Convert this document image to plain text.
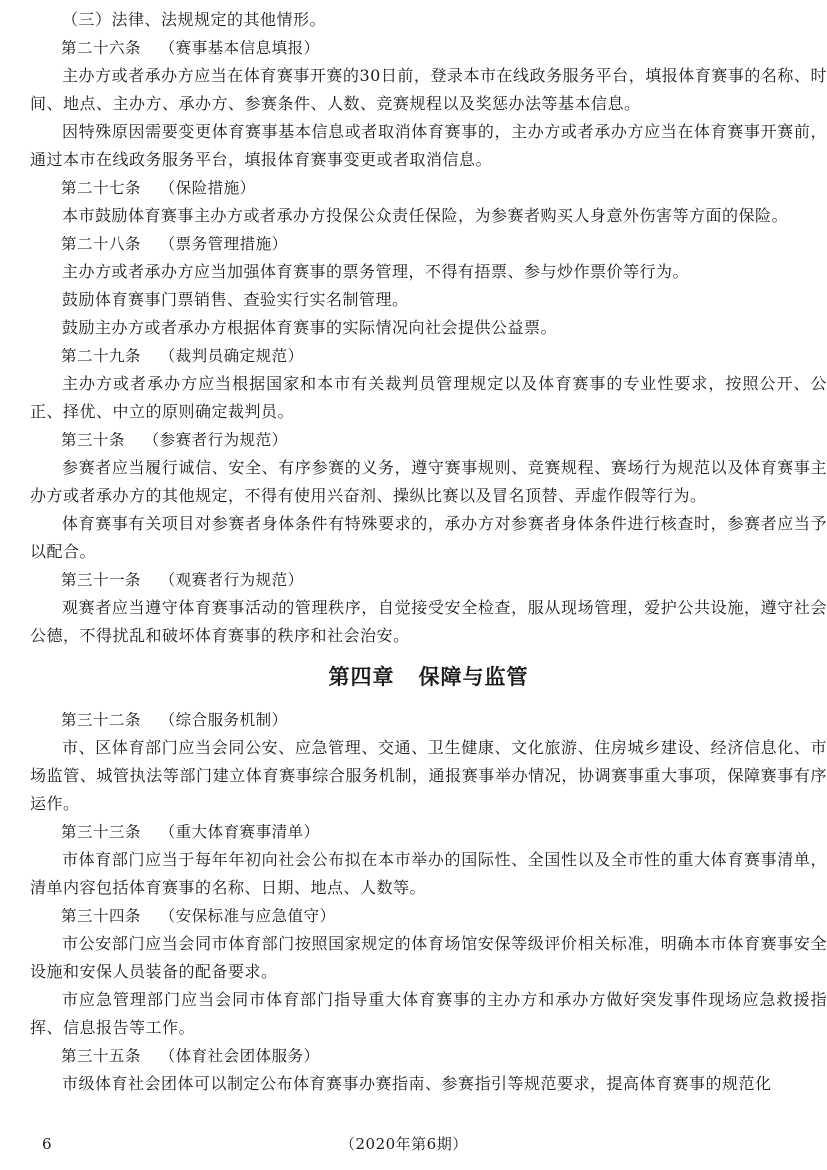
（三）法律、法规规定的其他情形。

第二十六条 （赛事基本信息填报）

主办方或者承办方应当在体育赛事开赛的30日前，登录本市在线政务服务平台，填报体育赛事的名称、时间、地点、主办方、承办方、参赛条件、人数、竞赛规程以及奖惩办法等基本信息。

因特殊原因需要变更体育赛事基本信息或者取消体育赛事的，主办方或者承办方应当在体育赛事开赛前，通过本市在线政务服务平台，填报体育赛事变更或者取消信息。

第二十七条 （保险措施）

本市鼓励体育赛事主办方或者承办方投保公众责任保险，为参赛者购买人身意外伤害等方面的保险。

第二十八条 （票务管理措施）

主办方或者承办方应当加强体育赛事的票务管理，不得有捂票、参与炒作票价等行为。

鼓励体育赛事门票销售、查验实行实名制管理。

鼓励主办方或者承办方根据体育赛事的实际情况向社会提供公益票。

第二十九条 （裁判员确定规范）

主办方或者承办方应当根据国家和本市有关裁判员管理规定以及体育赛事的专业性要求，按照公开、公正、择优、中立的原则确定裁判员。

第三十条 （参赛者行为规范）

参赛者应当履行诚信、安全、有序参赛的义务，遵守赛事规则、竞赛规程、赛场行为规范以及体育赛事主办方或者承办方的其他规定，不得有使用兴奋剂、操纵比赛以及冒名顶替、弄虚作假等行为。

体育赛事有关项目对参赛者身体条件有特殊要求的，承办方对参赛者身体条件进行核查时，参赛者应当予以配合。

第三十一条 （观赛者行为规范）

观赛者应当遵守体育赛事活动的管理秩序，自觉接受安全检查，服从现场管理，爱护公共设施，遵守社会公德，不得扰乱和破坏体育赛事的秩序和社会治安。

第四章 保障与监管

第三十二条 （综合服务机制）

市、区体育部门应当会同公安、应急管理、交通、卫生健康、文化旅游、住房城乡建设、经济信息化、市场监管、城管执法等部门建立体育赛事综合服务机制，通报赛事举办情况，协调赛事重大事项，保障赛事有序运作。

第三十三条 （重大体育赛事清单）

市体育部门应当于每年年初向社会公布拟在本市举办的国际性、全国性以及全市性的重大体育赛事清单，清单内容包括体育赛事的名称、日期、地点、人数等。

第三十四条 （安保标准与应急值守）

市公安部门应当会同市体育部门按照国家规定的体育场馆安保等级评价相关标准，明确本市体育赛事安全设施和安保人员装备的配备要求。

市应急管理部门应当会同市体育部门指导重大体育赛事的主办方和承办方做好突发事件现场应急救援指挥、信息报告等工作。

第三十五条 （体育社会团体服务）

市级体育社会团体可以制定公布体育赛事办赛指南、参赛指引等规范要求，提高体育赛事的规范化

6	（2020年第6期）
